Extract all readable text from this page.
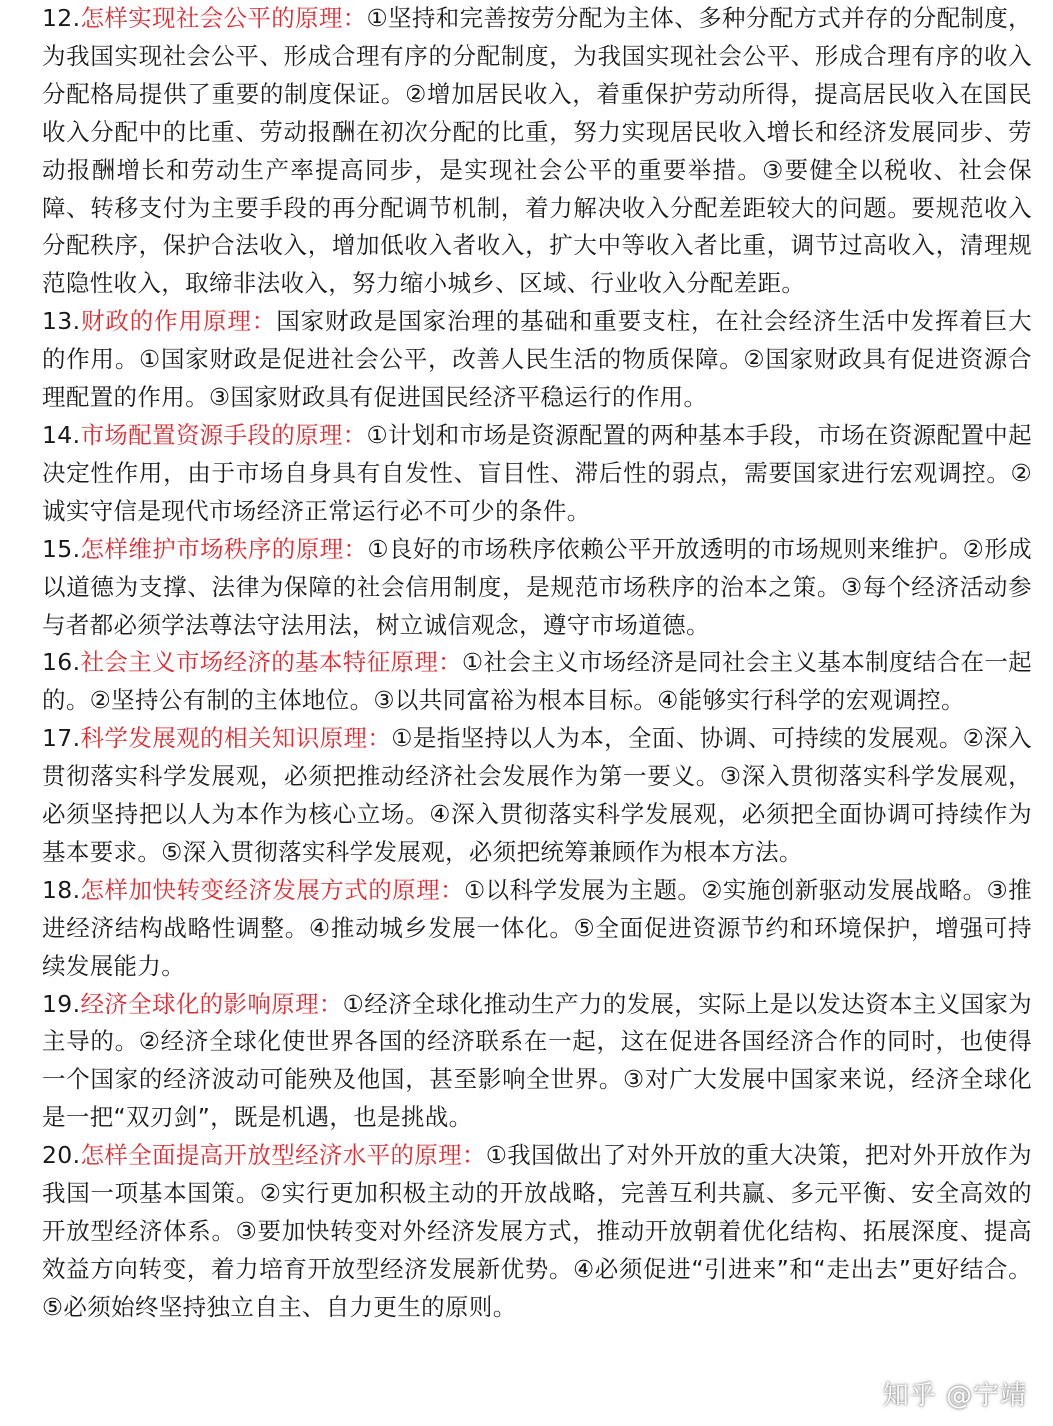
12.怎样实现社会公平的原理：①坚持和完善按劳分配为主体、多种分配方式并存的分配制度，为我国实现社会公平、形成合理有序的分配制度，为我国实现社会公平、形成合理有序的收入分配格局提供了重要的制度保证。②增加居民收入，着重保护劳动所得，提高居民收入在国民收入分配中的比重、劳动报酬在初次分配的比重，努力实现居民收入增长和经济发展同步、劳动报酬增长和劳动生产率提高同步，是实现社会公平的重要举措。③要健全以税收、社会保障、转移支付为主要手段的再分配调节机制，着力解决收入分配差距较大的问题。要规范收入分配秩序，保护合法收入，增加低收入者收入，扩大中等收入者比重，调节过高收入，清理规范隐性收入，取缔非法收入，努力缩小城乡、区域、行业收入分配差距。

13.财政的作用原理：国家财政是国家治理的基础和重要支柱，在社会经济生活中发挥着巨大的作用。①国家财政是促进社会公平，改善人民生活的物质保障。②国家财政具有促进资源合理配置的作用。③国家财政具有促进国民经济平稳运行的作用。

14.市场配置资源手段的原理：①计划和市场是资源配置的两种基本手段，市场在资源配置中起决定性作用，由于市场自身具有自发性、盲目性、滞后性的弱点，需要国家进行宏观调控。②诚实守信是现代市场经济正常运行必不可少的条件。

15.怎样维护市场秩序的原理：①良好的市场秩序依赖公平开放透明的市场规则来维护。②形成以道德为支撑、法律为保障的社会信用制度，是规范市场秩序的治本之策。③每个经济活动参与者都必须学法尊法守法用法，树立诚信观念，遵守市场道德。

16.社会主义市场经济的基本特征原理：①社会主义市场经济是同社会主义基本制度结合在一起的。②坚持公有制的主体地位。③以共同富裕为根本目标。④能够实行科学的宏观调控。

17.科学发展观的相关知识原理：①是指坚持以人为本，全面、协调、可持续的发展观。②深入贯彻落实科学发展观，必须把推动经济社会发展作为第一要义。③深入贯彻落实科学发展观，必须坚持把以人为本作为核心立场。④深入贯彻落实科学发展观，必须把全面协调可持续作为基本要求。⑤深入贯彻落实科学发展观，必须把统筹兼顾作为根本方法。

18.怎样加快转变经济发展方式的原理：①以科学发展为主题。②实施创新驱动发展战略。③推进经济结构战略性调整。④推动城乡发展一体化。⑤全面促进资源节约和环境保护，增强可持续发展能力。

19.经济全球化的影响原理：①经济全球化推动生产力的发展，实际上是以发达资本主义国家为主导的。②经济全球化使世界各国的经济联系在一起，这在促进各国经济合作的同时，也使得一个国家的经济波动可能殃及他国，甚至影响全世界。③对广大发展中国家来说，经济全球化是一把“双刃剑”，既是机遇，也是挑战。

20.怎样全面提高开放型经济水平的原理：①我国做出了对外开放的重大决策，把对外开放作为我国一项基本国策。②实行更加积极主动的开放战略，完善互利共赢、多元平衡、安全高效的开放型经济体系。③要加快转变对外经济发展方式，推动开放朝着优化结构、拓展深度、提高效益方向转变，着力培育开放型经济发展新优势。④必须促进“引进来”和“走出去”更好结合。⑤必须始终坚持独立自主、自力更生的原则。

知乎 @宁靖
